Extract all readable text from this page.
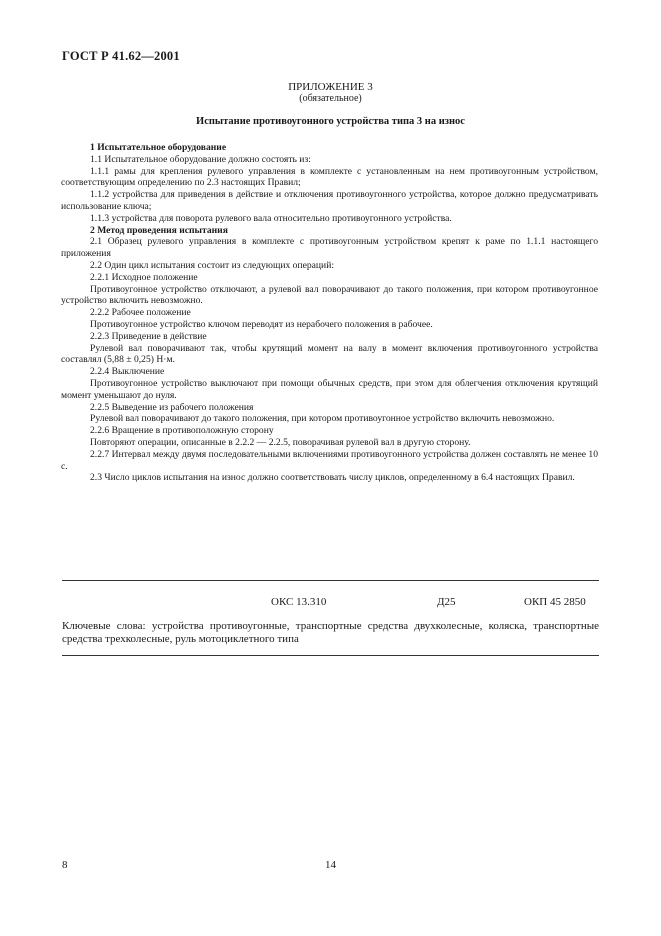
ГОСТ Р 41.62—2001
ПРИЛОЖЕНИЕ 3
(обязательное)
Испытание противоугонного устройства типа 3 на износ

1 Испытательное оборудование

1.1 Испытательное оборудование должно состоять из:

1.1.1 рамы для крепления рулевого управления в комплекте с установленным на нем противоугонным устройством, соответствующим определению по 2.3 настоящих Правил;

1.1.2 устройства для приведения в действие и отключения противоугонного устройства, которое должно предусматривать использование ключа;

1.1.3 устройства для поворота рулевого вала относительно противоугонного устройства.

2 Метод проведения испытания

2.1 Образец рулевого управления в комплекте с противоугонным устройством крепят к раме по 1.1.1 настоящего приложения

2.2 Один цикл испытания состоит из следующих операций:

2.2.1 Исходное положение

Противоугонное устройство отключают, а рулевой вал поворачивают до такого положения, при котором противоугонное устройство включить невозможно.

2.2.2 Рабочее положение

Противоугонное устройство ключом переводят из нерабочего положения в рабочее.

2.2.3 Приведение в действие

Рулевой вал поворачивают так, чтобы крутящий момент на валу в момент включения противоугонного устройства составлял (5,88 ± 0,25) Н·м.

2.2.4 Выключение

Противоугонное устройство выключают при помощи обычных средств, при этом для облегчения отключения крутящий момент уменьшают до нуля.

2.2.5 Выведение из рабочего положения

Рулевой вал поворачивают до такого положения, при котором противоугонное устройство включить невозможно.

2.2.6 Вращение в противоположную сторону

Повторяют операции, описанные в 2.2.2 — 2.2.5, поворачивая рулевой вал в другую сторону.

2.2.7 Интервал между двумя последовательными включениями противоугонного устройства должен составлять не менее 10 с.

2.3 Число циклов испытания на износ должно соответствовать числу циклов, определенному в 6.4 настоящих Правил.

ОКС 13.310	Д25	ОКП 45 2850
Ключевые слова: устройства противоугонные, транспортные средства двухколесные, коляска, транспортные средства трехколесные, руль мотоциклетного типа
8	14
